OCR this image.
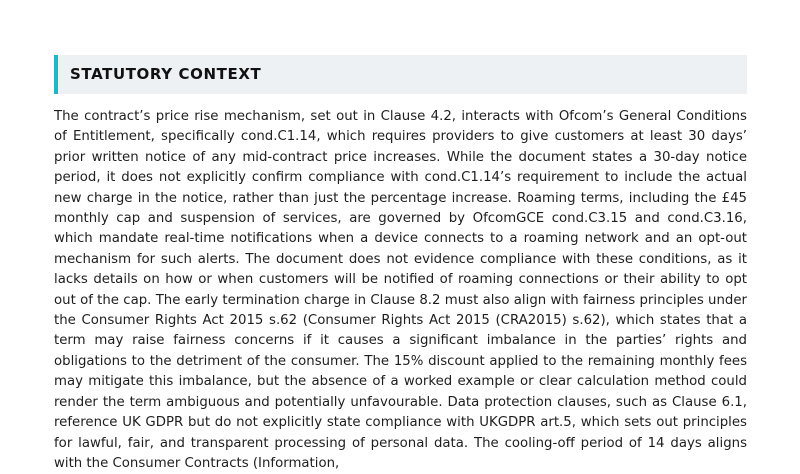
STATUTORY CONTEXT

The contract’s price rise mechanism, set out in Clause 4.2, interacts with Ofcom’s General Conditions of Entitlement, specifically cond.C1.14, which requires providers to give customers at least 30 days’ prior written notice of any mid-contract price increases. While the document states a 30-day notice period, it does not explicitly confirm compliance with cond.C1.14’s requirement to include the actual new charge in the notice, rather than just the percentage increase. Roaming terms, including the £45 monthly cap and suspension of services, are governed by OfcomGCE cond.C3.15 and cond.C3.16, which mandate real-time notifications when a device connects to a roaming network and an opt-out mechanism for such alerts. The document does not evidence compliance with these conditions, as it lacks details on how or when customers will be notified of roaming connections or their ability to opt out of the cap. The early termination charge in Clause 8.2 must also align with fairness principles under the Consumer Rights Act 2015 s.62 (Consumer Rights Act 2015 (CRA2015) s.62), which states that a term may raise fairness concerns if it causes a significant imbalance in the parties’ rights and obligations to the detriment of the consumer. The 15% discount applied to the remaining monthly fees may mitigate this imbalance, but the absence of a worked example or clear calculation method could render the term ambiguous and potentially unfavourable. Data protection clauses, such as Clause 6.1, reference UK GDPR but do not explicitly state compliance with UKGDPR art.5, which sets out principles for lawful, fair, and transparent processing of personal data. The cooling-off period of 14 days aligns with the Consumer Contracts (Information,
